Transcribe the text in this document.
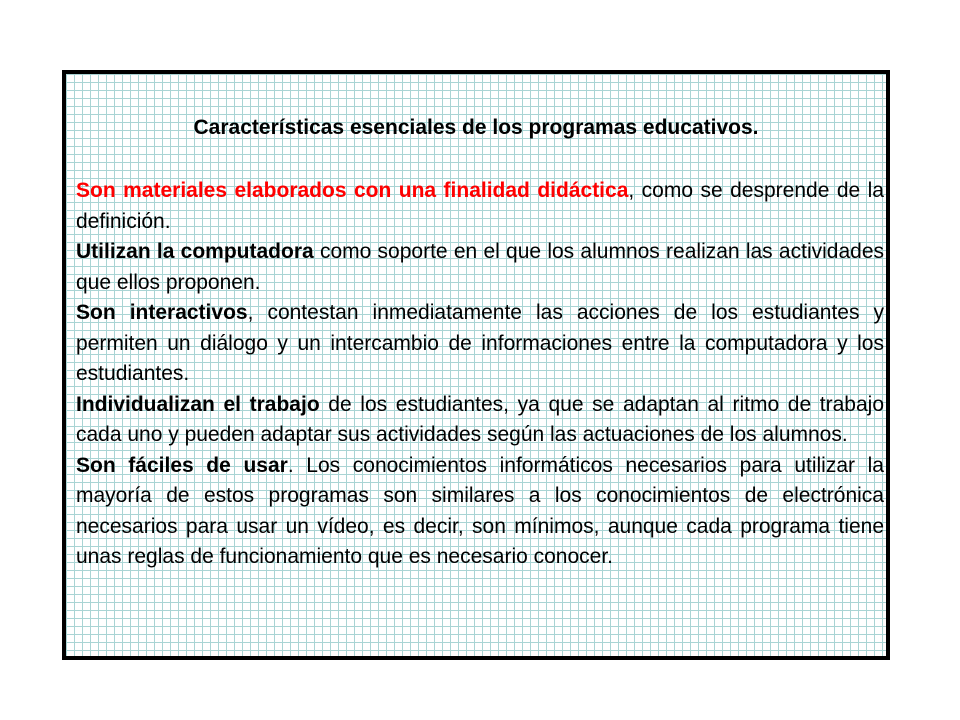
Características esenciales de los programas educativos.

Son materiales elaborados con una finalidad didáctica, como se desprende de la definición.

Utilizan la computadora como soporte en el que los alumnos realizan las actividades que ellos proponen.

Son interactivos, contestan inmediatamente las acciones de los estudiantes y permiten un diálogo y un intercambio de informaciones entre la computadora y los estudiantes.

Individualizan el trabajo de los estudiantes, ya que se adaptan al ritmo de trabajo cada uno y pueden adaptar sus actividades según las actuaciones de los alumnos.

Son fáciles de usar. Los conocimientos informáticos necesarios para utilizar la mayoría de estos programas son similares a los conocimientos de electrónica necesarios para usar un vídeo, es decir, son mínimos, aunque cada programa tiene unas reglas de funcionamiento que es necesario conocer.
